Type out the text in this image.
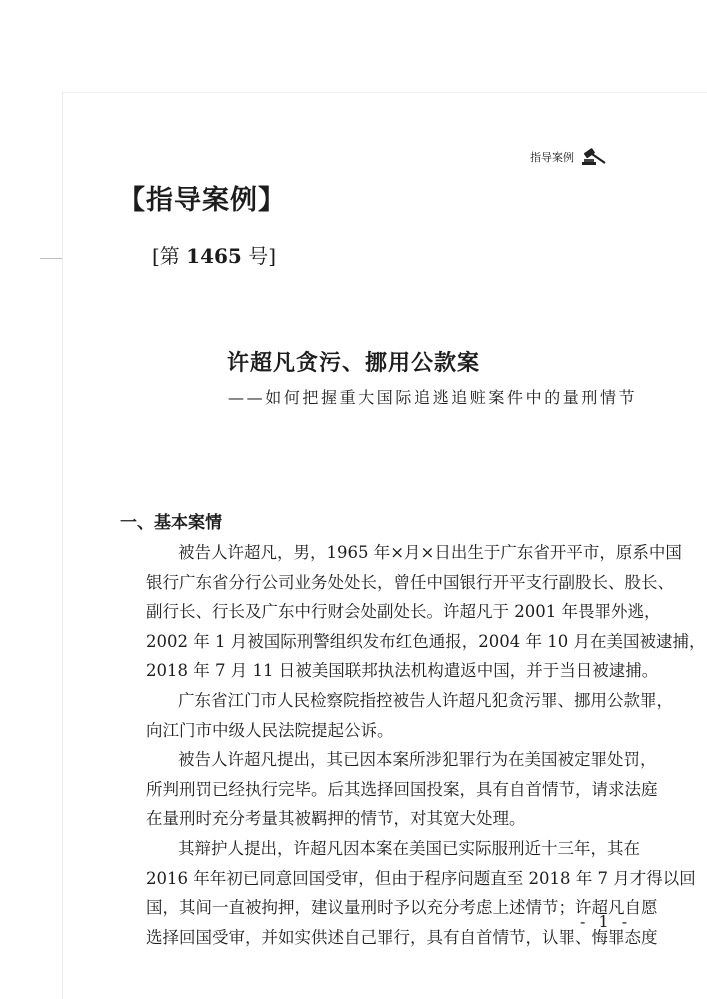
指导案例
【指导案例】
[第 1465 号]
许超凡贪污、挪用公款案
——如何把握重大国际追逃追赃案件中的量刑情节
一、基本案情
被告人许超凡，男，1965 年×月×日出生于广东省开平市，原系中国
银行广东省分行公司业务处处长，曾任中国银行开平支行副股长、股长、
副行长、行长及广东中行财会处副处长。许超凡于 2001 年畏罪外逃，
2002 年 1 月被国际刑警组织发布红色通报，2004 年 10 月在美国被逮捕，
2018 年 7 月 11 日被美国联邦执法机构遣返中国，并于当日被逮捕。
广东省江门市人民检察院指控被告人许超凡犯贪污罪、挪用公款罪，
向江门市中级人民法院提起公诉。
被告人许超凡提出，其已因本案所涉犯罪行为在美国被定罪处罚，
所判刑罚已经执行完毕。后其选择回国投案，具有自首情节，请求法庭
在量刑时充分考量其被羁押的情节，对其宽大处理。
其辩护人提出，许超凡因本案在美国已实际服刑近十三年，其在
2016 年年初已同意回国受审，但由于程序问题直至 2018 年 7 月才得以回
国，其间一直被拘押，建议量刑时予以充分考虑上述情节；许超凡自愿
选择回国受审，并如实供述自己罪行，具有自首情节，认罪、悔罪态度
- 1 -
